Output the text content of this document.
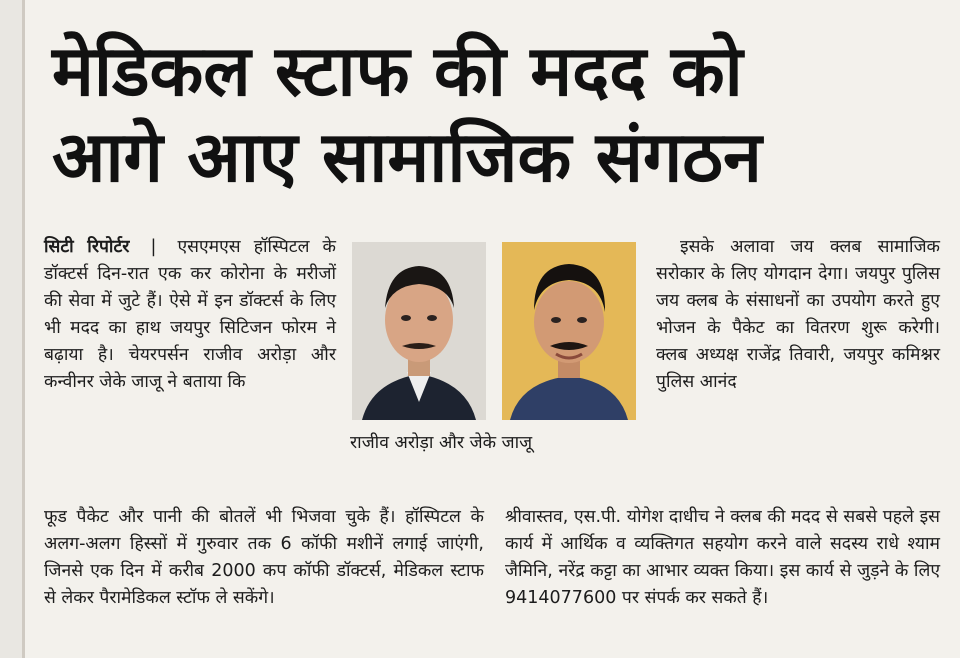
मेडिकल स्टाफ की मदद को
आगे आए सामाजिक संगठन
सिटी रिपोर्टर | एसएमएस हॉस्पिटल के डॉक्टर्स दिन-रात एक कर कोरोना के मरीजों की सेवा में जुटे हैं। ऐसे में इन डॉक्टर्स के लिए भी मदद का हाथ जयपुर सिटिजन फोरम ने बढ़ाया है। चेयरपर्सन राजीव अरोड़ा और कन्वीनर जेके जाजू ने बताया कि
राजीव अरोड़ा और जेके जाजू
इसके अलावा जय क्लब सामाजिक सरोकार के लिए योगदान देगा। जयपुर पुलिस जय क्लब के संसाधनों का उपयोग करते हुए भोजन के पैकेट का वितरण शुरू करेगी। क्लब अध्यक्ष राजेंद्र तिवारी, जयपुर कमिश्नर पुलिस आनंद
फूड पैकेट और पानी की बोतलें भी भिजवा चुके हैं। हॉस्पिटल के अलग-अलग हिस्सों में गुरुवार तक 6 कॉफी मशीनें लगाई जाएंगी, जिनसे एक दिन में करीब 2000 कप कॉफी डॉक्टर्स, मेडिकल स्टाफ से लेकर पैरामेडिकल स्टॉफ ले सकेंगे।
श्रीवास्तव, एस.पी. योगेश दाधीच ने क्लब की मदद से सबसे पहले इस कार्य में आर्थिक व व्यक्तिगत सहयोग करने वाले सदस्य राधे श्याम जैमिनि, नरेंद्र कट्टा का आभार व्यक्त किया। इस कार्य से जुड़ने के लिए 9414077600 पर संपर्क कर सकते हैं।
